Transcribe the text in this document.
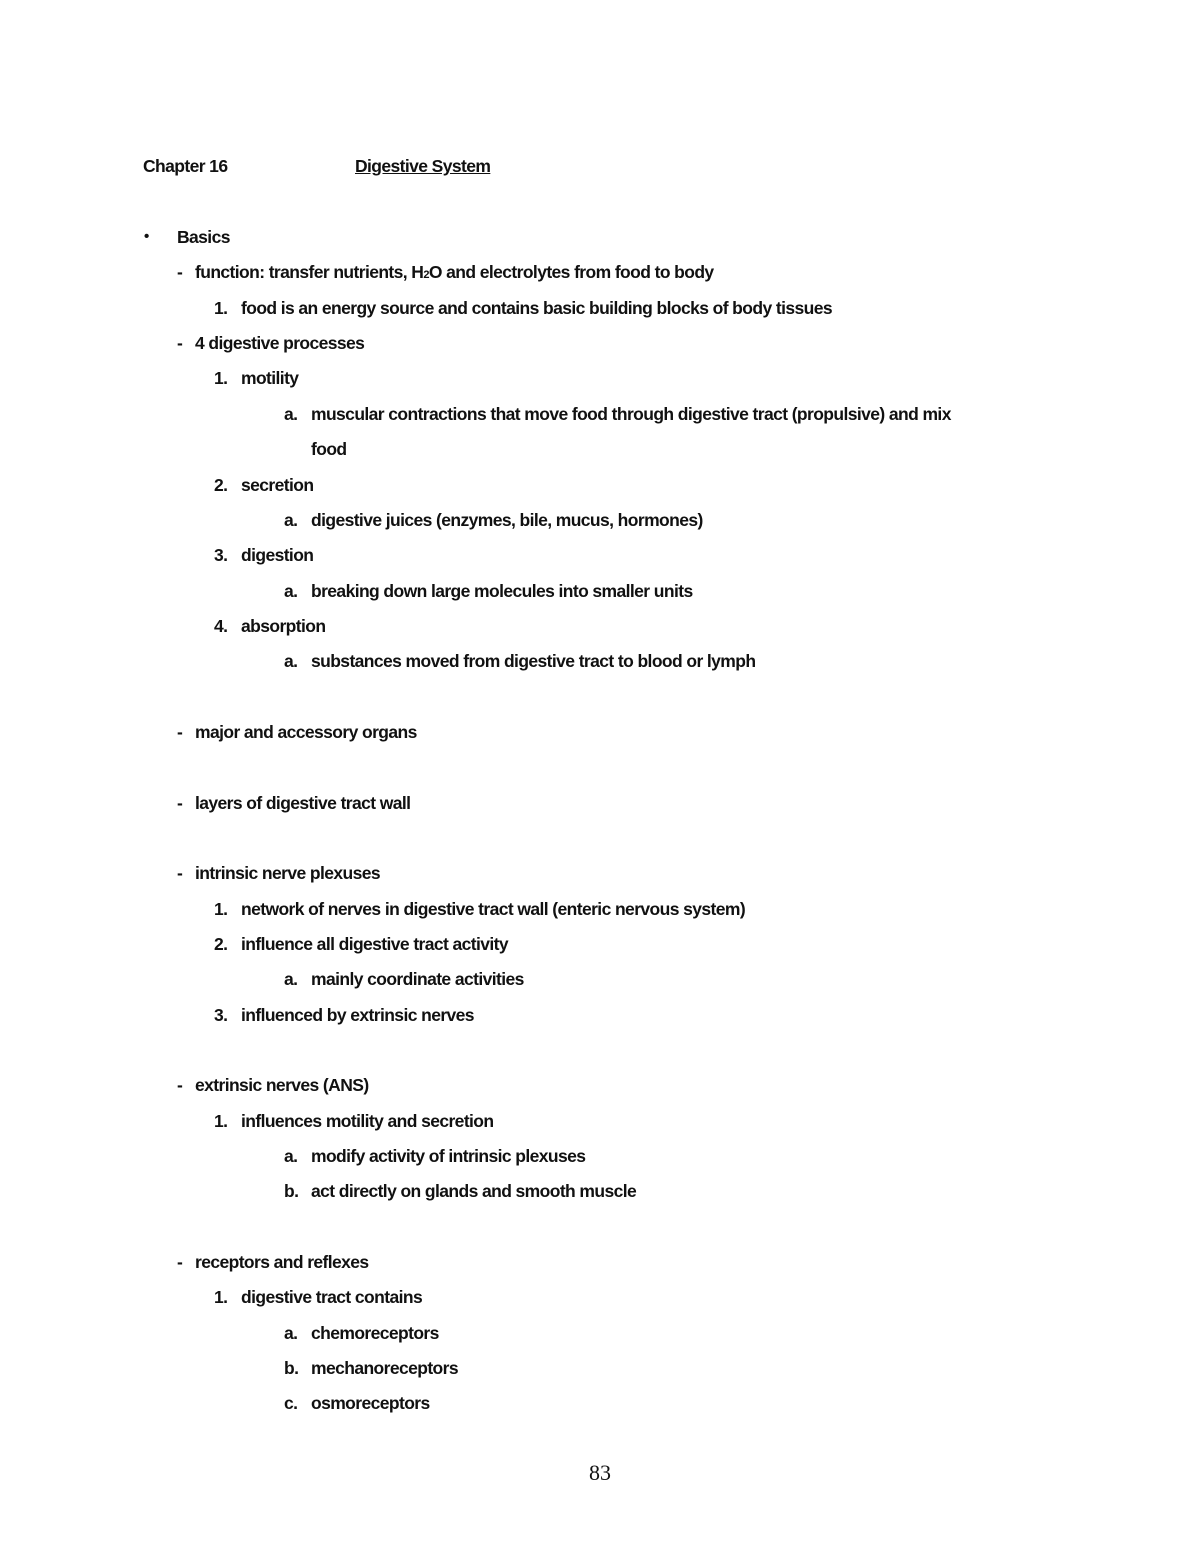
Chapter 16	Digestive System
• Basics
- function: transfer nutrients, H 2 O and electrolytes from food to body
1. food is an energy source and contains basic building blocks of body tissues
- 4 digestive processes
1. motility
a. muscular contractions that move food through digestive tract (propulsive) and mix
food
2. secretion
a. digestive juices (enzymes, bile, mucus, hormones)
3. digestion
a. breaking down large molecules into smaller units
4. absorption
a. substances moved from digestive tract to blood or lymph
- major and accessory organs
- layers of digestive tract wall
- intrinsic nerve plexuses
1. network of nerves in digestive tract wall (enteric nervous system)
2. influence all digestive tract activity
a. mainly coordinate activities
3. influenced by extrinsic nerves
- extrinsic nerves (ANS)
1. influences motility and secretion
a. modify activity of intrinsic plexuses
b. act directly on glands and smooth muscle
- receptors and reflexes
1. digestive tract contains
a. chemoreceptors
b. mechanoreceptors
c. osmoreceptors
83
